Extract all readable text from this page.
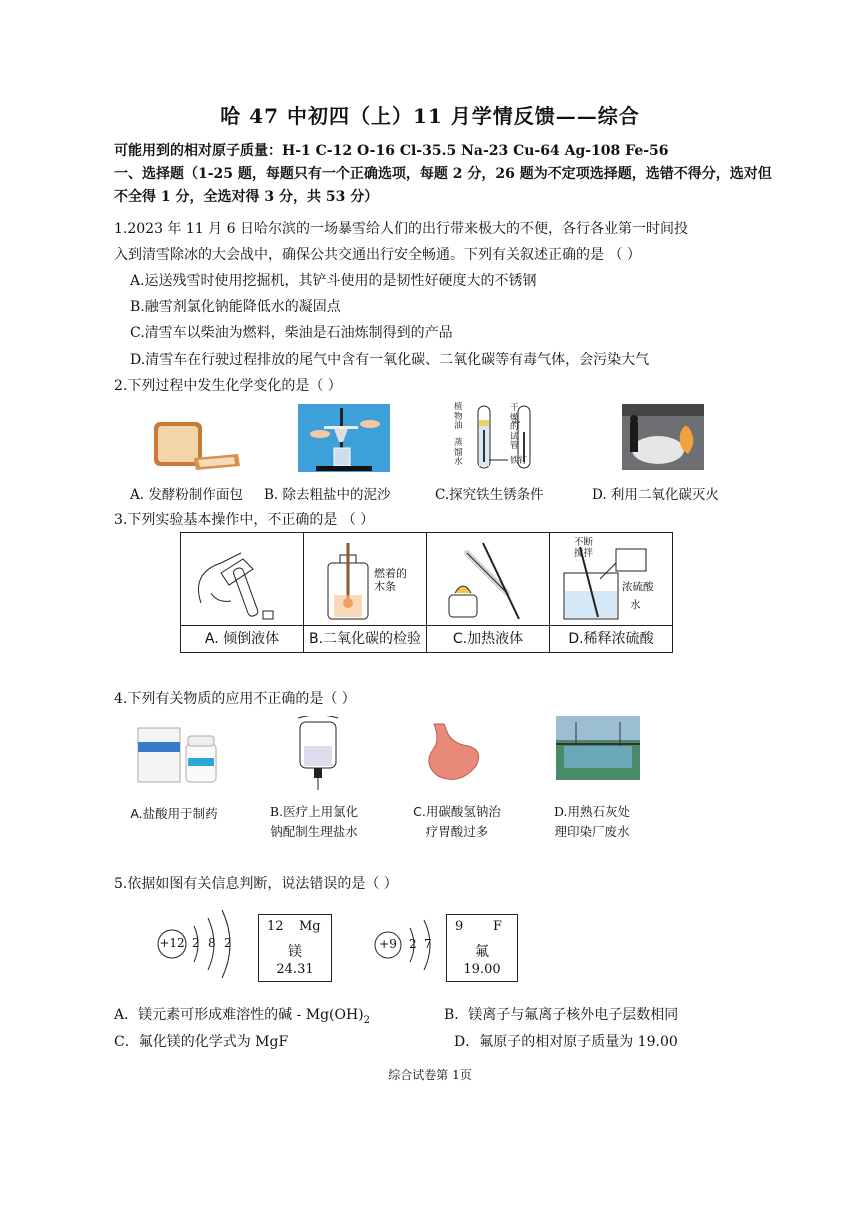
哈 47 中初四（上）11 月学情反馈——综合
可能用到的相对原子质量：H-1 C-12 O-16 Cl-35.5 Na-23 Cu-64 Ag-108 Fe-56
一、选择题（1-25 题，每题只有一个正确选项，每题 2 分，26 题为不定项选择题，选错不得分，选对但
不全得 1 分，全选对得 3 分，共 53 分）
1.2023 年 11 月 6 日哈尔滨的一场暴雪给人们的出行带来极大的不便，各行各业第一时间投
入到清雪除冰的大会战中，确保公共交通出行安全畅通。下列有关叙述正确的是 （ ）
A.运送残雪时使用挖掘机，其铲斗使用的是韧性好硬度大的不锈钢
B.融雪剂氯化钠能降低水的凝固点
C.清雪车以柴油为燃料，柴油是石油炼制得到的产品
D.清雪车在行驶过程排放的尾气中含有一氧化碳、二氧化碳等有毒气体，会污染大气
2.下列过程中发生化学变化的是（ ）
植物油
蒸馏水
干燥的试管
铁钉
A. 发酵粉制作面包 B. 除去粗盐中的泥沙	C.探究铁生锈条件	D. 利用二氧化碳灭火
3.下列实验基本操作中，不正确的是 （ ）

燃着的木条		不断搅拌
浓硫酸
水

A. 倾倒液体	B.二氧化碳的检验	C.加热液体	D.稀释浓硫酸
4.下列有关物质的应用不正确的是（ ）
A.盐酸用于制药	B.医疗上用氯化
钠配制生理盐水
C.用碳酸氢钠治
疗胃酸过多
D.用熟石灰处
理印染厂废水
5.依据如图有关信息判断，说法错误的是（ ）
+12 2 8 2
12 Mg
镁
24.31
+9	2 7
9 F
氟
19.00
A．镁元素可形成难溶性的碱 - $Mg(OH)_2$	B．镁离子与氟离子核外电子层数相同
C．氟化镁的化学式为 MgF	D．氟原子的相对原子质量为 19.00
综合试卷第 1页
